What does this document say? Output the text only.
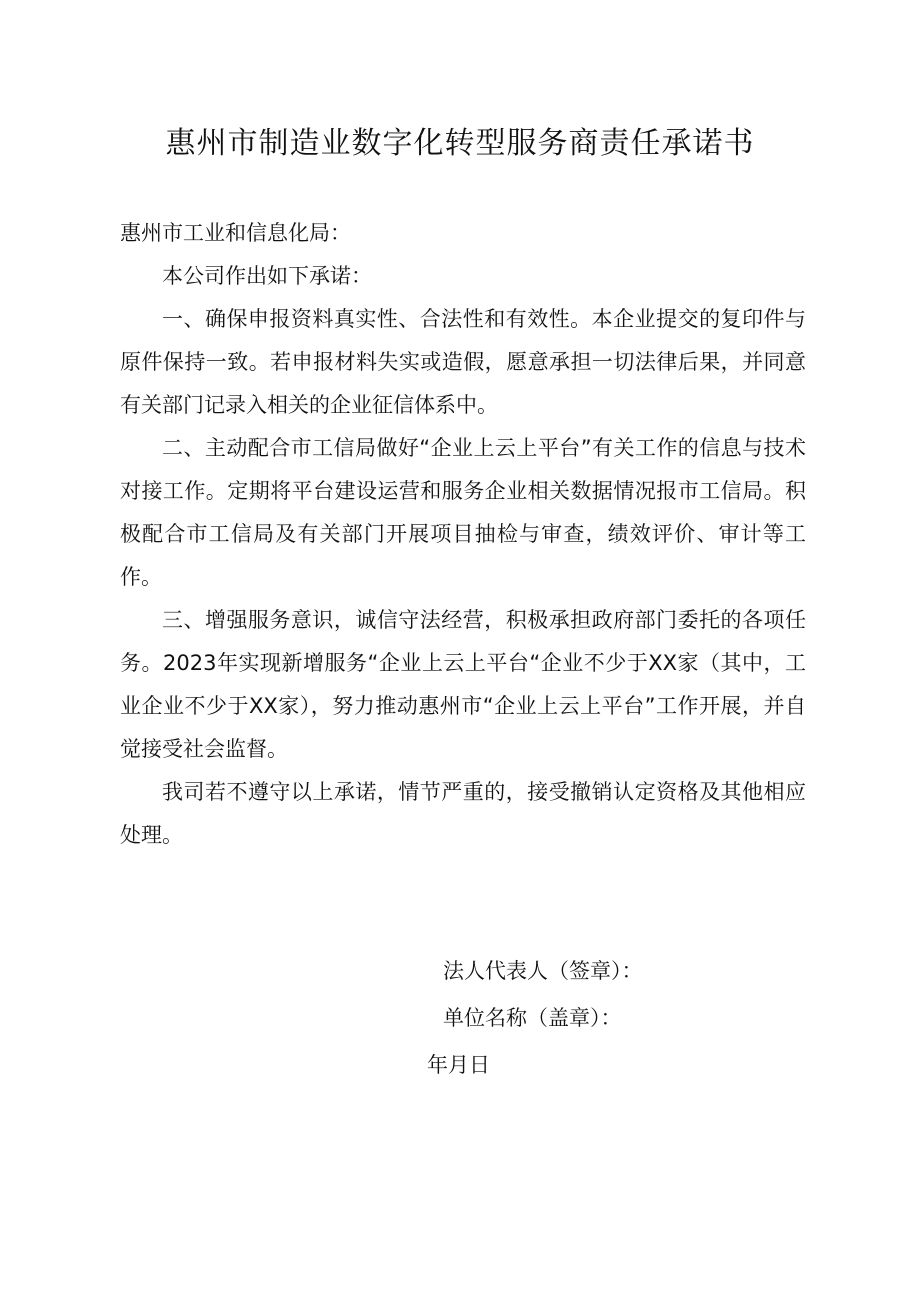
惠州市制造业数字化转型服务商责任承诺书

惠州市工业和信息化局：

本公司作出如下承诺：

一、确保申报资料真实性、合法性和有效性。本企业提交的复印件与原件保持一致。若申报材料失实或造假，愿意承担一切法律后果，并同意有关部门记录入相关的企业征信体系中。

二、主动配合市工信局做好“企业上云上平台”有关工作的信息与技术对接工作。定期将平台建设运营和服务企业相关数据情况报市工信局。积极配合市工信局及有关部门开展项目抽检与审查，绩效评价、审计等工作。

三、增强服务意识，诚信守法经营，积极承担政府部门委托的各项任务。2023年实现新增服务“企业上云上平台“企业不少于XX家（其中，工业企业不少于XX家），努力推动惠州市“企业上云上平台”工作开展，并自觉接受社会监督。

我司若不遵守以上承诺，情节严重的，接受撤销认定资格及其他相应处理。

法人代表人（签章）：
单位名称（盖章）：
年月日
